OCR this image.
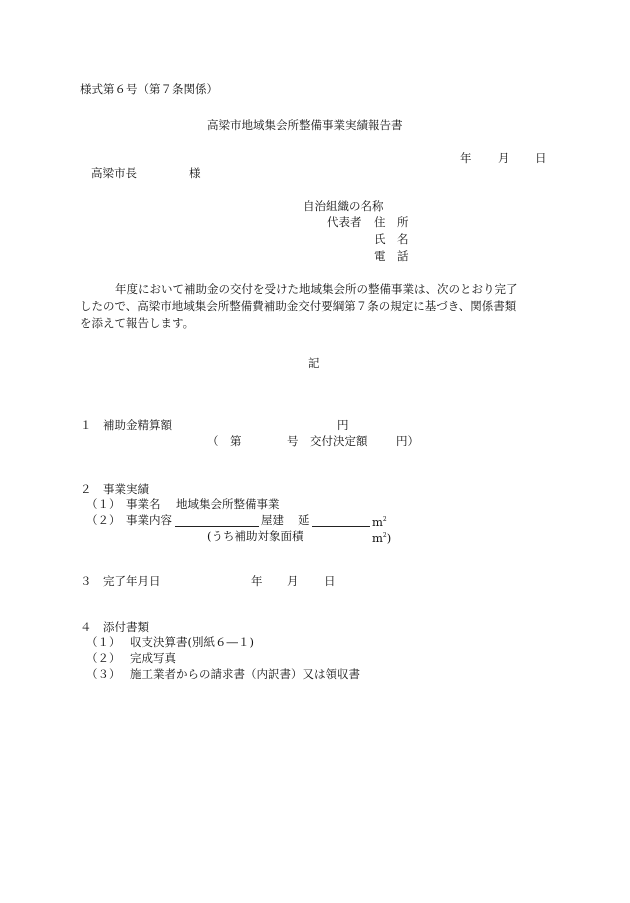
様式第６号（第７条関係）
高梁市地域集会所整備事業実績報告書
年 月 日
高梁市長	様
自治組織の名称
代表者 住　所
氏　名
電　話
年度において補助金の交付を受けた地域集会所の整備事業は、次のとおり完了
したので、高梁市地域集会所整備費補助金交付要綱第７条の規定に基づき、関係書類
を添えて報告します。
記
１ 補助金精算額	円
（　第	号　交付決定額 円）
２ 事業実績
（１） 事業名 地域集会所整備事業
（２） 事業内容	屋建 延	$m^2$
(うち補助対象面積	$m^2$)
３ 完了年月日	年 月 日
４ 添付書類
（１） 収支決算書(別紙６―１)
（２） 完成写真
（３） 施工業者からの請求書（内訳書）又は領収書
